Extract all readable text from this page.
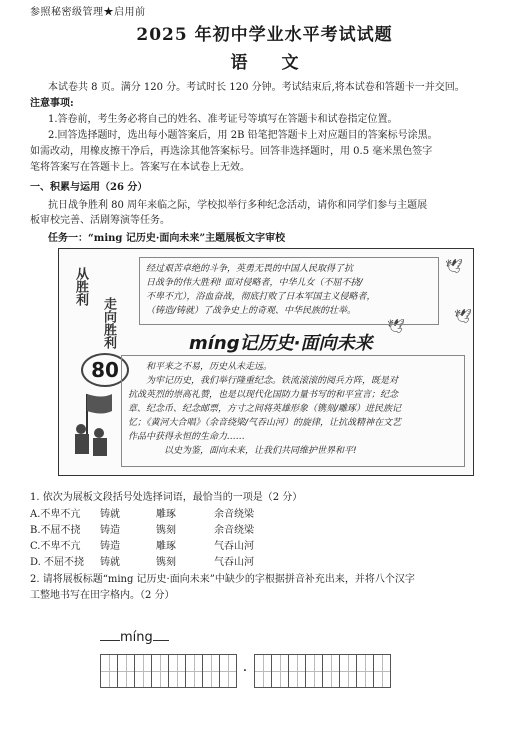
参照秘密级管理★启用前
2025 年初中学业水平考试试题
语文
本试卷共 8 页。满分 120 分。考试时长 120 分钟。考试结束后,将本试卷和答题卡一并交回。
注意事项:
1.答卷前，考生务必将自己的姓名、准考证号等填写在答题卡和试卷指定位置。
2.回答选择题时，选出每小题答案后，用 2B 铅笔把答题卡上对应题目的答案标号涂黑。
如需改动，用橡皮擦干净后，再选涂其他答案标号。回答非选择题时，用 0.5 毫米黑色签字
笔将答案写在答题卡上。答案写在本试卷上无效。
一、积累与运用（26 分）
抗日战争胜利 80 周年来临之际，学校拟举行多种纪念活动，请你和同学们参与主题展
板审校完善、活剧筹演等任务。
任务一：“ming 记历史·面向未来”主题展板文字审校
从胜利
走向胜利
80
🕊
🕊
🕊
经过艰苦卓绝的斗争，英勇无畏的中国人民取得了抗
日战争的伟大胜利! 面对侵略者，中华儿女（不屈不挠/
不卑不亢），浴血奋战，彻底打败了日本军国主义侵略者，
（铸造/铸就）了战争史上的奇观、中华民族的壮举。
míng记历史·面向未来
和平来之不易，历史从未走远。
为牢记历史，我们举行隆重纪念。铁流滚滚的阅兵方阵，既是对
抗战英烈的崇高礼赞，也是以现代化国防力量书写的和平宣言；纪念
章、纪念币、纪念邮票，方寸之间将英雄形象（镌刻/雕琢）进民族记
忆；《黄河大合唱》（余音绕梁/气吞山河）的旋律，让抗战精神在文艺
作品中获得永恒的生命力……
以史为鉴，面向未来，让我们共同维护世界和平!
1. 依次为展板文段括号处选择词语，最恰当的一项是（2 分）
A.不卑不亢 铸就	雕琢	余音绕梁
B.不屈不挠 铸造	镌刻	余音绕梁
C.不卑不亢 铸造	雕琢	气吞山河
D. 不屈不挠 铸就	镌刻	气吞山河
2. 请将展板标题“ming 记历史·面向未来”中缺少的字根据拼音补充出来，并将八个汉字
工整地书写在田字格内。（2 分）
míng
·
